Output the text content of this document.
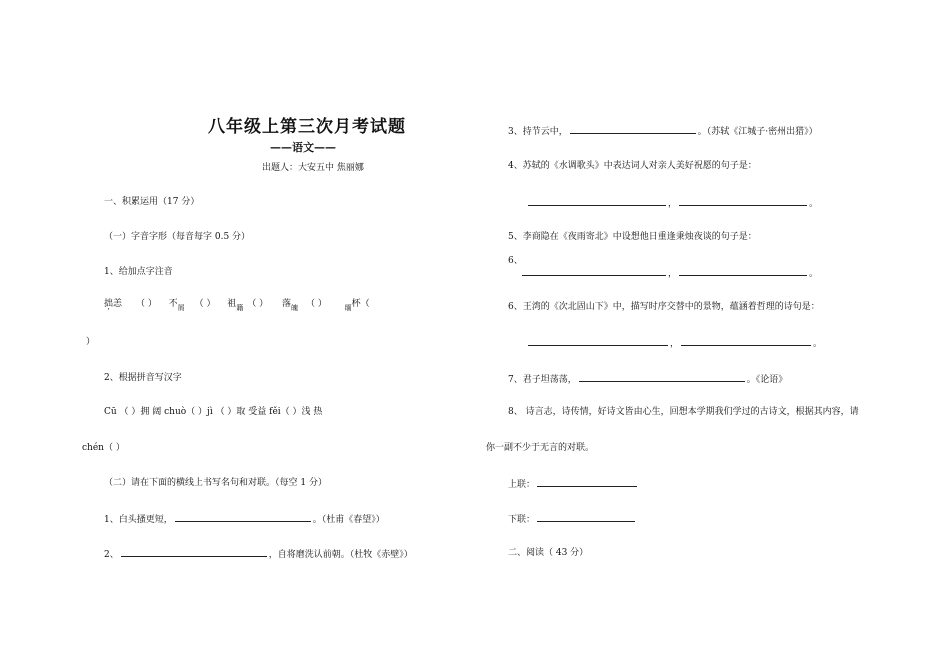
八年级上第三次月考试题
——语文——
出题人：大安五中 焦丽娜
一、积累运用（17 分）
（一）字音字形（每音每字 0.5 分）
1、给加点字注音
拙恙 （ ） 不$_屑$ （ ） 祖$_籍$ （ ） 落$_魄$ （ ）	$_缅$杯（
）
2、根据拼音写汉字
Cū （ ）拥 阔 chuò（ ）jì （ ）取 受益 fěi（ ）浅 热
chén（ ）
（二）请在下面的横线上书写名句和对联。（每空 1 分）
1、白头搔更短，	。（杜甫《春望》）
2、	，自将磨洗认前朝。（杜牧《赤壁》）
3、持节云中，	。（苏轼《江城子·密州出猎》）
4、苏轼的《水调歌头》中表达词人对亲人美好祝愿的句子是：
，	。
5、李商隐在《夜雨寄北》中设想他日重逢秉烛夜谈的句子是：
6、
，	。
6、王湾的《次北固山下》中，描写时序交替中的景物，蕴涵着哲理的诗句是：
，	。
7、君子坦荡荡，	。《论语》
8、 诗言志，诗传情，好诗文皆由心生，回想本学期我们学过的古诗文，根据其内容，请
你一副不少于无言的对联。
上联：
下联：
二、阅读（ 43 分）
